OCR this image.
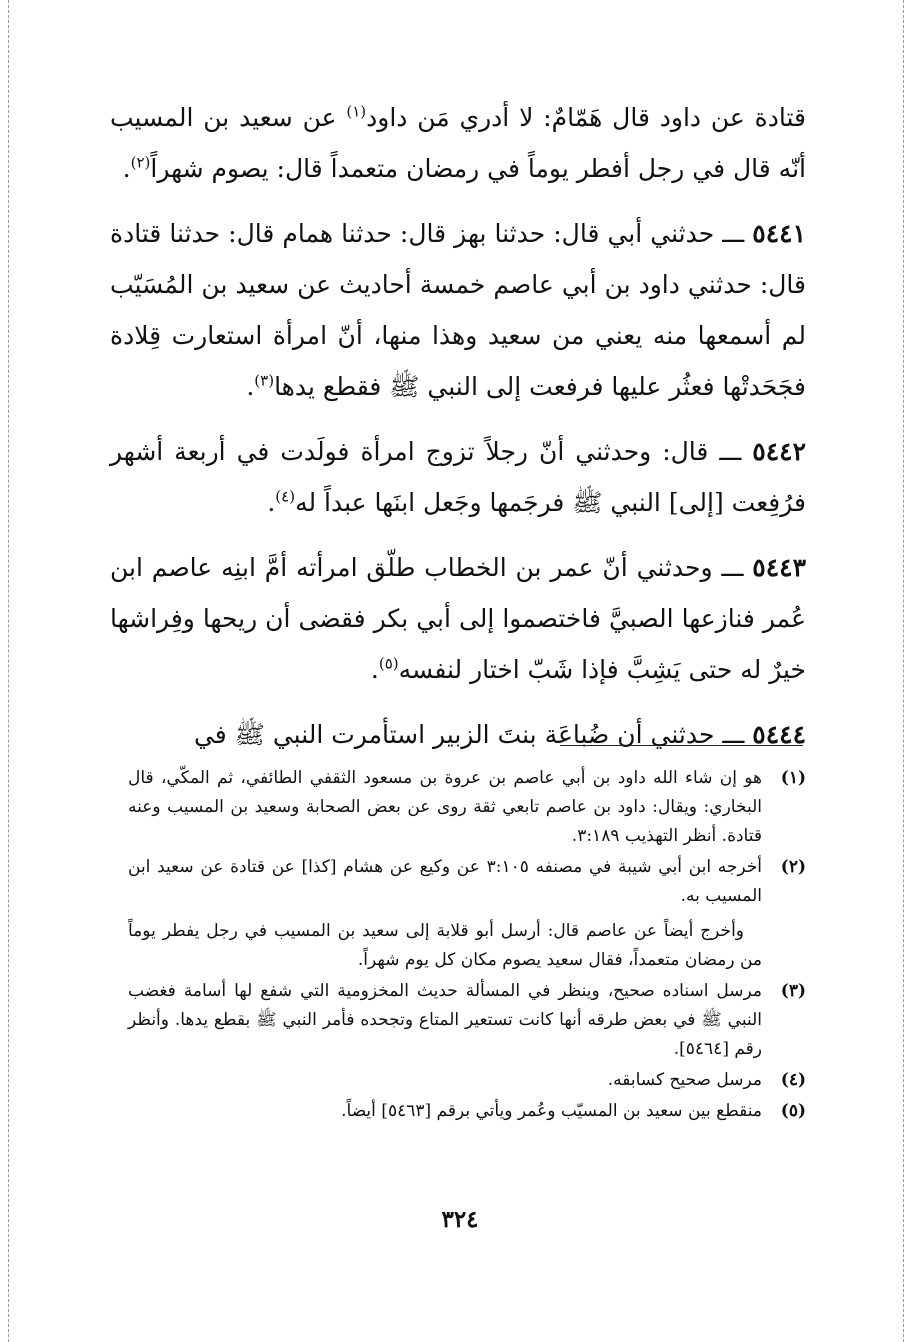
قتادة عن داود قال هَمّامٌ: لا أدري مَن داود$^{(١)}$ عن سعيد بن المسيب أنّه قال في رجل أفطر يوماً في رمضان متعمداً قال: يصوم شهراً$^{(٢)}$.

٥٤٤١ ـــ حدثني أبي قال: حدثنا بهز قال: حدثنا همام قال: حدثنا قتادة قال: حدثني داود بن أبي عاصم خمسة أحاديث عن سعيد بن المُسَيّب لم أسمعها منه يعني من سعيد وهذا منها، أنّ امرأة استعارت قِلادة فجَحَدتْها فعثُر عليها فرفعت إلى النبي ﷺ فقطع يدها$^{(٣)}$.

٥٤٤٢ ـــ قال: وحدثني أنّ رجلاً تزوج امرأة فولَدت في أربعة أشهر فرُفِعت [إلى] النبي ﷺ فرجَمها وجَعل ابنَها عبداً له$^{(٤)}$.

٥٤٤٣ ـــ وحدثني أنّ عمر بن الخطاب طلّق امرأته أمَّ ابنِه عاصم ابن عُمر فنازعها الصبيَّ فاختصموا إلى أبي بكر فقضى أن ريحها وفِراشها خيرٌ له حتى يَشِبَّ فإذا شَبّ اختار لنفسه$^{(٥)}$.

٥٤٤٤ ـــ حدثني أن ضُباعَة بنتَ الزبير استأمرت النبي ﷺ في

(١)
هو إن شاء الله داود بن أبي عاصم بن عروة بن مسعود الثقفي الطائفي، ثم المكّي، قال البخاري: ويقال: داود بن عاصم تابعي ثقة روى عن بعض الصحابة وسعيد بن المسيب وعنه قتادة. أنظر التهذيب ٣:١٨٩.
(٢)
أخرجه ابن أبي شيبة في مصنفه ٣:١٠٥ عن وكيع عن هشام [كذا] عن قتادة عن سعيد ابن المسيب به.
وأخرج أيضاً عن عاصم قال: أرسل أبو قلابة إلى سعيد بن المسيب في رجل يفطر يوماً من رمضان متعمداً، فقال سعيد يصوم مكان كل يوم شهراً.
(٣)
مرسل اسناده صحيح، وينظر في المسألة حديث المخزومية التي شفع لها أسامة فغضب النبي ﷺ في بعض طرقه أنها كانت تستعير المتاع وتجحده فأمر النبي ﷺ بقطع يدها. وأنظر رقم [٥٤٦٤].
(٤)
مرسل صحيح كسابقه.
(٥)
منقطع بين سعيد بن المسيّب وعُمر ويأتي برقم [٥٤٦٣] أيضاً.
٣٢٤
